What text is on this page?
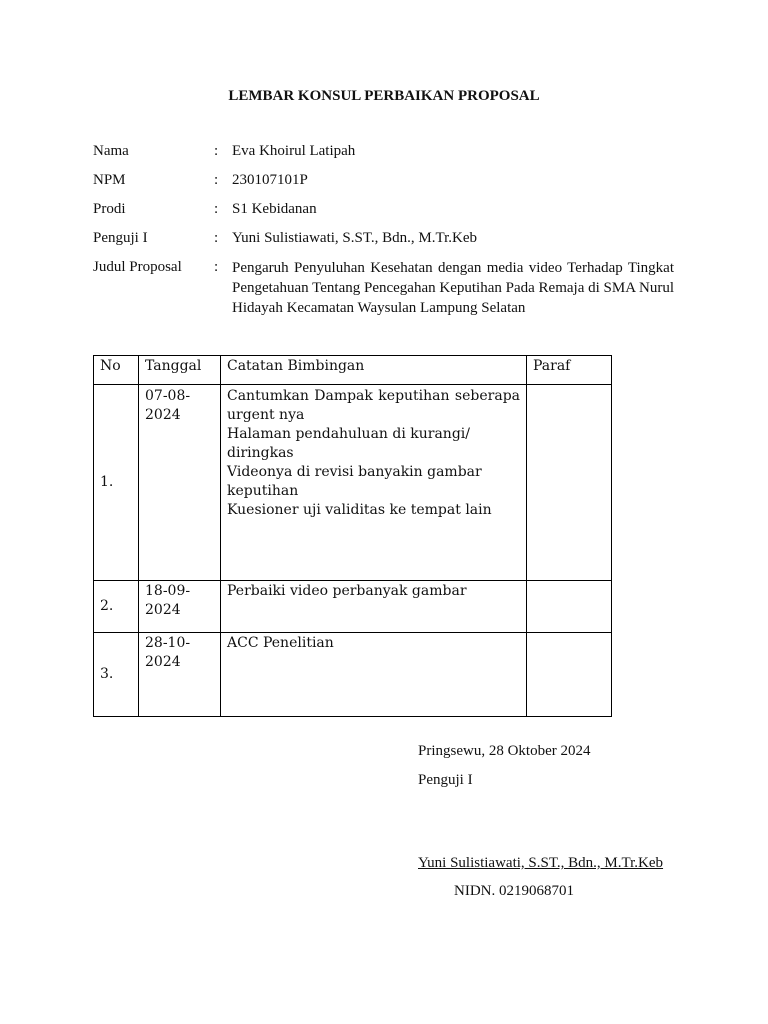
LEMBAR KONSUL PERBAIKAN PROPOSAL
Nama	: Eva Khoirul Latipah
NPM	: 230107101P
Prodi	: S1 Kebidanan
Penguji I	: Yuni Sulistiawati, S.ST., Bdn., M.Tr.Keb
Judul Proposal : Pengaruh Penyuluhan Kesehatan dengan media video Terhadap Tingkat Pengetahuan Tentang Pencegahan Keputihan Pada Remaja di SMA Nurul Hidayah Kecamatan Waysulan Lampung Selatan
No	Tanggal	Catatan Bimbingan	Paraf
1.	07-08-2024	Cantumkan Dampak keputihan seberapa
urgent nya
Halaman pendahuluan di kurangi/ diringkas
Videonya di revisi banyakin gambar keputihan
Kuesioner uji validitas ke tempat lain	

2.	18-09-2024	Perbaiki video perbanyak gambar	

3.	28-10-2024	ACC Penelitian	

Pringsewu, 28 Oktober 2024
Penguji I
Yuni Sulistiawati, S.ST., Bdn., M.Tr.Keb
NIDN. 0219068701
